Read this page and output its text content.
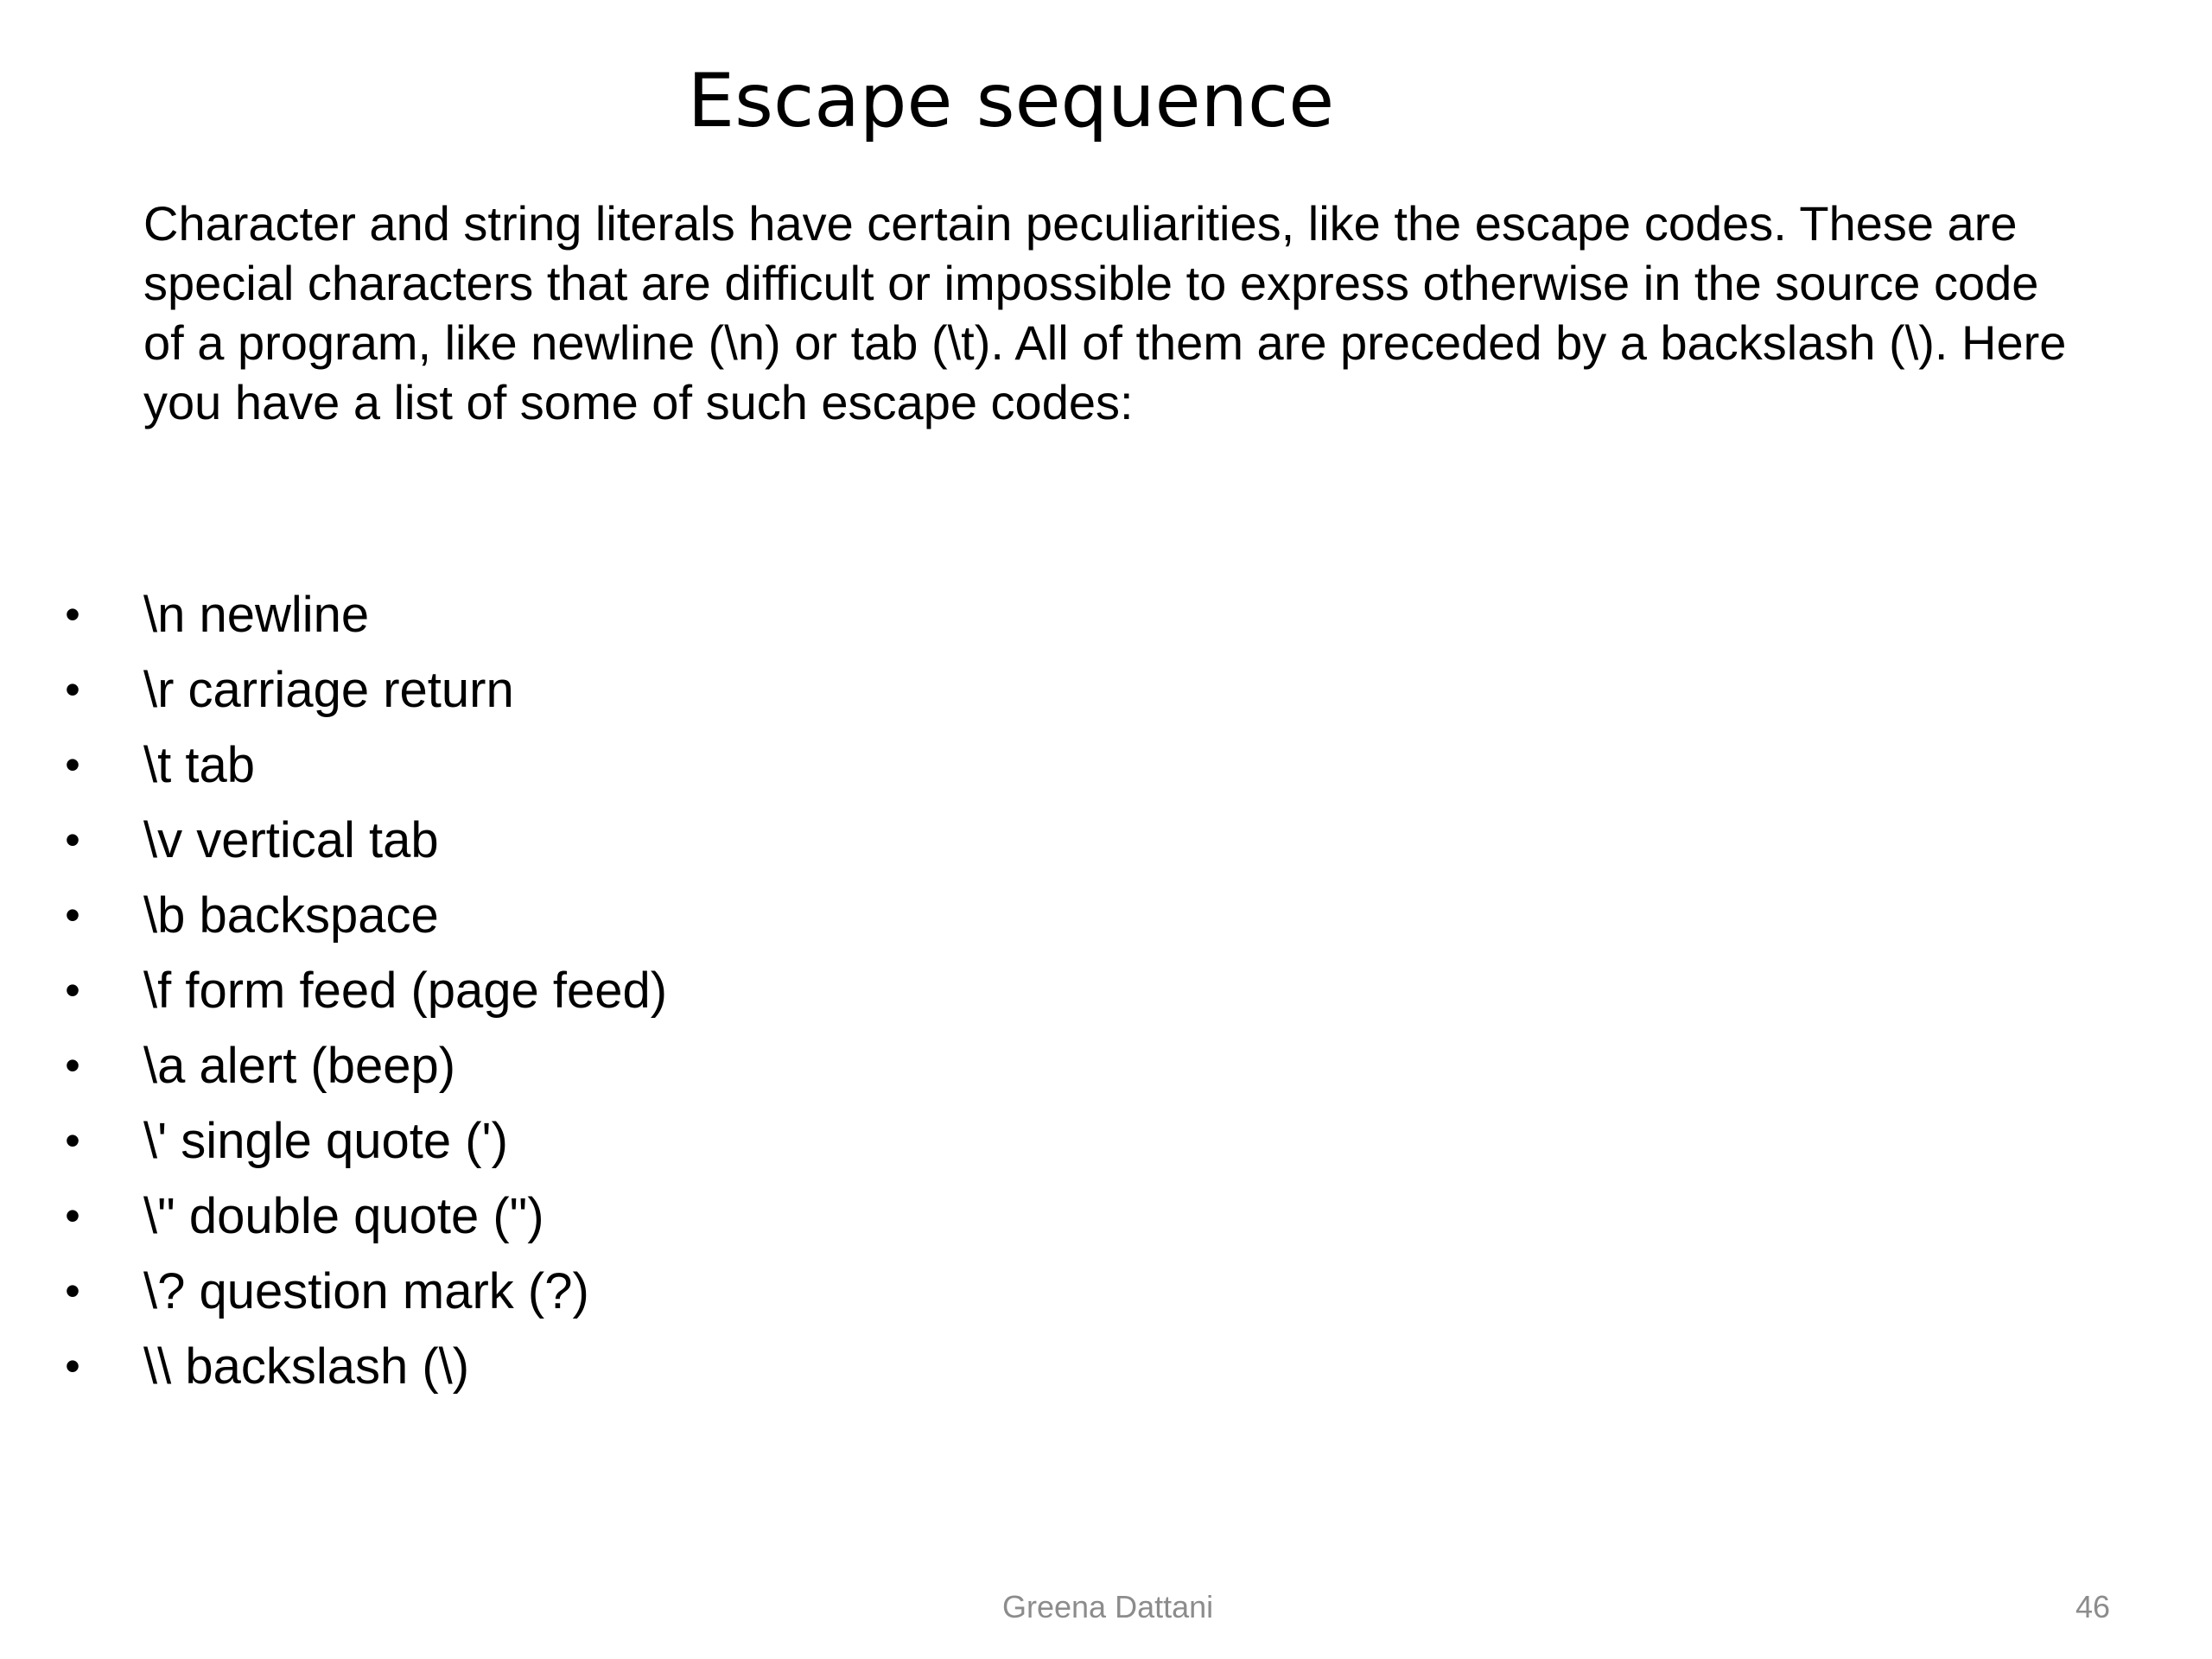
Escape sequence

Character and string literals have certain peculiarities, like the escape codes. These are special characters that are difficult or impossible to express otherwise in the source code of a program, like newline (\n) or tab (\t). All of them are preceded by a backslash (\). Here you have a list of some of such escape codes:

• \n newline
• \r carriage return
• \t tab
• \v vertical tab
• \b backspace
• \f form feed (page feed)
• \a alert (beep)
• \' single quote (')
• \" double quote (")
• \? question mark (?)
• \\ backslash (\)
Greena Dattani	46
